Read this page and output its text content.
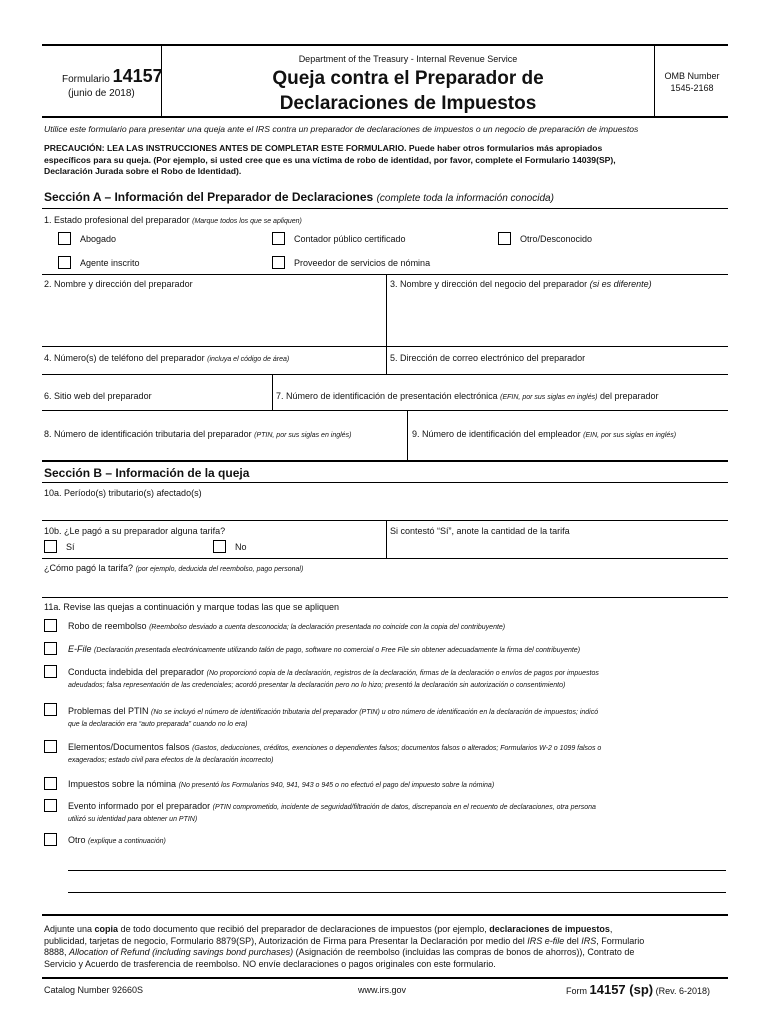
Formulario 14157
(junio de 2018)
Department of the Treasury - Internal Revenue Service
Queja contra el Preparador de
Declaraciones de Impuestos
OMB Number
1545-2168
Utilice este formulario para presentar una queja ante el IRS contra un preparador de declaraciones de impuestos o un negocio de preparación de impuestos
PRECAUCIÓN: LEA LAS INSTRUCCIONES ANTES DE COMPLETAR ESTE FORMULARIO. Puede haber otros formularios más apropiados
específicos para su queja. (Por ejemplo, si usted cree que es una víctima de robo de identidad, por favor, complete el Formulario 14039(SP),
Declaración Jurada sobre el Robo de Identidad).
Sección A – Información del Preparador de Declaraciones (complete toda la información conocida)
1. Estado profesional del preparador (Marque todos los que se apliquen)
Abogado	Contador público certificado	Otro/Desconocido
Agente inscrito	Proveedor de servicios de nómina
2. Nombre y dirección del preparador	3. Nombre y dirección del negocio del preparador (si es diferente)
4. Número(s) de teléfono del preparador (incluya el código de área)	5. Dirección de correo electrónico del preparador
6. Sitio web del preparador	7. Número de identificación de presentación electrónica (EFIN, por sus siglas en inglés) del preparador
8. Número de identificación tributaria del preparador (PTIN, por sus siglas en inglés)	9. Número de identificación del empleador (EIN, por sus siglas en inglés)
Sección B – Información de la queja
10a. Período(s) tributario(s) afectado(s)
10b. ¿Le pagó a su preparador alguna tarifa?	Si contestó “Sí”, anote la cantidad de la tarifa
Sí	No
¿Cómo pagó la tarifa? (por ejemplo, deducida del reembolso, pago personal)
11a. Revise las quejas a continuación y marque todas las que se apliquen
Robo de reembolso (Reembolso desviado a cuenta desconocida; la declaración presentada no coincide con la copia del contribuyente)
E-File (Declaración presentada electrónicamente utilizando talón de pago, software no comercial o Free File sin obtener adecuadamente la firma del contribuyente)
Conducta indebida del preparador (No proporcionó copia de la declaración, registros de la declaración, firmas de la declaración o envíos de pagos por impuestos
adeudados; falsa representación de las credenciales; acordó presentar la declaración pero no lo hizo; presentó la declaración sin autorización o consentimiento)
Problemas del PTIN (No se incluyó el número de identificación tributaria del preparador (PTIN) u otro número de identificación en la declaración de impuestos; indicó
que la declaración era “auto preparada” cuando no lo era)
Elementos/Documentos falsos (Gastos, deducciones, créditos, exenciones o dependientes falsos; documentos falsos o alterados; Formularios W-2 o 1099 falsos o
exagerados; estado civil para efectos de la declaración incorrecto)
Impuestos sobre la nómina (No presentó los Formularios 940, 941, 943 o 945 o no efectuó el pago del impuesto sobre la nómina)
Evento informado por el preparador (PTIN comprometido, incidente de seguridad/filtración de datos, discrepancia en el recuento de declaraciones, otra persona
utilizó su identidad para obtener un PTIN)
Otro (explique a continuación)
Adjunte una copia de todo documento que recibió del preparador de declaraciones de impuestos (por ejemplo, declaraciones de impuestos,
publicidad, tarjetas de negocio, Formulario 8879(SP), Autorización de Firma para Presentar la Declaración por medio del IRS e-file del IRS, Formulario
8888, Allocation of Refund (including savings bond purchases) (Asignación de reembolso (incluidas las compras de bonos de ahorros)), Contrato de
Servicio y Acuerdo de trasferencia de reembolso. NO envíe declaraciones o pagos originales con este formulario.
Catalog Number 92660S	www.irs.gov	Form 14157 (sp) (Rev. 6-2018)
